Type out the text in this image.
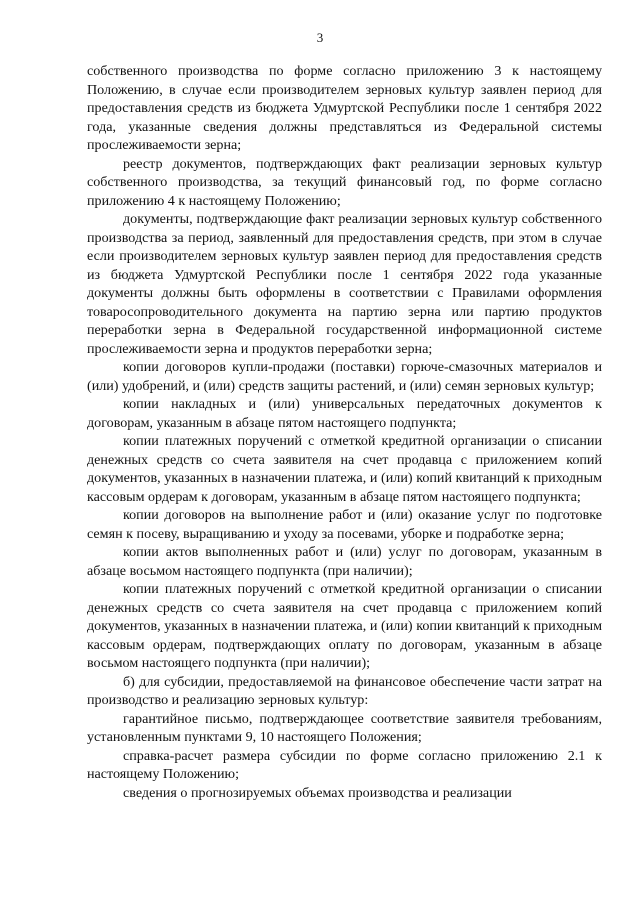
3

собственного производства по форме согласно приложению 3 к настоящему Положению, в случае если производителем зерновых культур заявлен период для предоставления средств из бюджета Удмуртской Республики после 1 сентября 2022 года, указанные сведения должны представляться из Федеральной системы прослеживаемости зерна;

реестр документов, подтверждающих факт реализации зерновых культур собственного производства, за текущий финансовый год, по форме согласно приложению 4 к настоящему Положению;

документы, подтверждающие факт реализации зерновых культур собственного производства за период, заявленный для предоставления средств, при этом в случае если производителем зерновых культур заявлен период для предоставления средств из бюджета Удмуртской Республики после 1 сентября 2022 года указанные документы должны быть оформлены в соответствии с Правилами оформления товаросопроводительного документа на партию зерна или партию продуктов переработки зерна в Федеральной государственной информационной системе прослеживаемости зерна и продуктов переработки зерна;

копии договоров купли-продажи (поставки) горюче-смазочных материалов и (или) удобрений, и (или) средств защиты растений, и (или) семян зерновых культур;

копии накладных и (или) универсальных передаточных документов к договорам, указанным в абзаце пятом настоящего подпункта;

копии платежных поручений с отметкой кредитной организации о списании денежных средств со счета заявителя на счет продавца с приложением копий документов, указанных в назначении платежа, и (или) копий квитанций к приходным кассовым ордерам к договорам, указанным в абзаце пятом настоящего подпункта;

копии договоров на выполнение работ и (или) оказание услуг по подготовке семян к посеву, выращиванию и уходу за посевами, уборке и подработке зерна;

копии актов выполненных работ и (или) услуг по договорам, указанным в абзаце восьмом настоящего подпункта (при наличии);

копии платежных поручений с отметкой кредитной организации о списании денежных средств со счета заявителя на счет продавца с приложением копий документов, указанных в назначении платежа, и (или) копии квитанций к приходным кассовым ордерам, подтверждающих оплату по договорам, указанным в абзаце восьмом настоящего подпункта (при наличии);

б) для субсидии, предоставляемой на финансовое обеспечение части затрат на производство и реализацию зерновых культур:

гарантийное письмо, подтверждающее соответствие заявителя требованиям, установленным пунктами 9, 10 настоящего Положения;

справка-расчет размера субсидии по форме согласно приложению 2.1 к настоящему Положению;

сведения о прогнозируемых объемах производства и реализации
